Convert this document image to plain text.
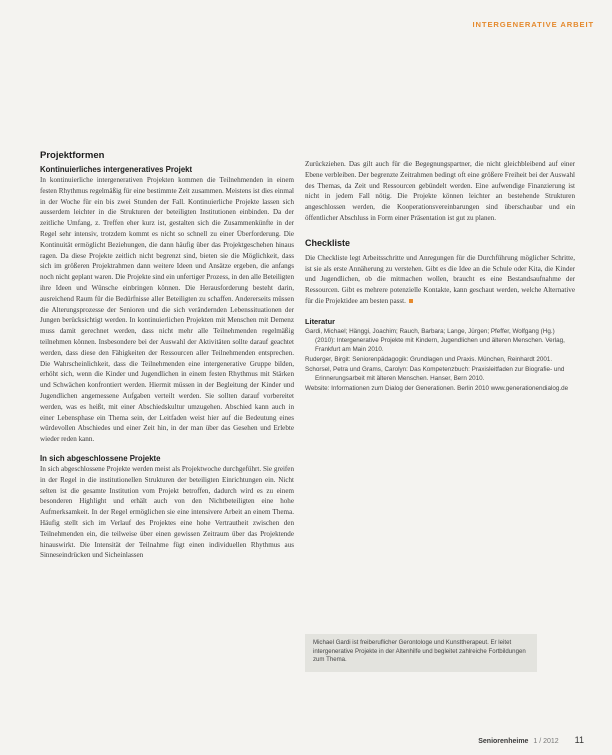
INTERGENERATIVE ARBEIT
Projektformen

Kontinuierliches intergeneratives Projekt

In kontinuierliche intergenerativen Projekten kommen die Teilnehmenden in einem festen Rhythmus regelmäßig für eine bestimmte Zeit zusammen. Meistens ist dies einmal in der Woche für ein bis zwei Stunden der Fall. Kontinuierliche Projekte lassen sich ausserdem leichter in die Strukturen der beteiligten Institutionen einbinden. Da der zeitliche Umfang, z. Treffen eher kurz ist, gestalten sich die Zusammenkünfte in der Regel sehr intensiv, trotzdem kommt es nicht so schnell zu einer Überforderung. Die Kontinuität ermöglicht Beziehungen, die dann häufig über das Projektgeschehen hinaus ragen. Da diese Projekte zeitlich nicht begrenzt sind, bieten sie die Möglichkeit, dass sich im größeren Projektrahmen dann weitere Ideen und Ansätze ergeben, die anfangs noch nicht geplant waren. Die Projekte sind ein unfertiger Prozess, in den alle Beteiligten ihre Ideen und Wünsche einbringen können. Die Herausforderung besteht darin, ausreichend Raum für die Bedürfnisse aller Beteiligten zu schaffen. Andererseits müssen die Alterungsprozesse der Senioren und die sich verändernden Lebenssituationen der Jungen berücksichtigt werden. In kontinuierlichen Projekten mit Menschen mit Demenz muss damit gerechnet werden, dass nicht mehr alle Teilnehmenden regelmäßig teilnehmen können. Insbesondere bei der Auswahl der Aktivitäten sollte darauf geachtet werden, dass diese den Fähigkeiten der Ressourcen aller Teilnehmenden entsprechen. Die Wahrscheinlichkeit, dass die Teilnehmenden eine intergenerative Gruppe bilden, erhöht sich, wenn die Kinder und Jugendlichen in einem festen Rhythmus mit Stärken und Schwächen konfrontiert werden. Hiermit müssen in der Begleitung der Kinder und Jugendlichen angemessene Aufgaben verteilt werden. Sie sollten darauf vorbereitet werden, was es heißt, mit einer Abschiedskultur umzugehen. Abschied kann auch in einer Lebensphase ein Thema sein, der Leitfaden weist hier auf die Bedeutung eines würdevollen Abschiedes und einer Zeit hin, in der man über das Gesehen und Erlebte wieder reden kann.

In sich abgeschlossene Projekte

In sich abgeschlossene Projekte werden meist als Projektwoche durchgeführt. Sie greifen in der Regel in die institutionellen Strukturen der beteiligten Einrichtungen ein. Nicht selten ist die gesamte Institution vom Projekt betroffen, dadurch wird es zu einem besonderen Highlight und erhält auch von den Nichtbeteiligten eine hohe Aufmerksamkeit. In der Regel ermöglichen sie eine intensivere Arbeit an einem Thema. Häufig stellt sich im Verlauf des Projektes eine hohe Vertrautheit zwischen den Teilnehmenden ein, die teilweise über einen gewissen Zeitraum über das Projektende hinauswirkt. Die Intensität der Teilnahme fügt einen individuellen Rhythmus aus Sinneseindrücken und Sicheinlassen

Zurückziehen. Das gilt auch für die Begegnungspartner, die nicht gleichbleibend auf einer Ebene verbleiben. Der begrenzte Zeitrahmen bedingt oft eine größere Freiheit bei der Auswahl des Themas, da Zeit und Ressourcen gebündelt werden. Eine aufwendige Finanzierung ist nicht in jedem Fall nötig. Die Projekte können leichter an bestehende Strukturen angeschlossen werden, die Kooperationsvereinbarungen sind überschaubar und ein öffentlicher Abschluss in Form einer Präsentation ist gut zu planen.

Checkliste

Die Checkliste legt Arbeitsschritte und Anregungen für die Durchführung möglicher Schritte, ist sie als erste Annäherung zu verstehen. Gibt es die Idee an die Schule oder Kita, die Kinder und Jugendlichen, ob die mitmachen wollen, braucht es eine Bestandsaufnahme der Ressourcen. Gibt es mehrere potenzielle Kontakte, kann geschaut werden, welche Alternative für die Projektidee am besten passt.

Literatur

Gardi, Michael; Hänggi, Joachim; Rauch, Barbara; Lange, Jürgen; Pfeffer, Wolfgang (Hg.) (2010): Intergenerative Projekte mit Kindern, Jugendlichen und älteren Menschen. Verlag, Frankfurt am Main 2010.

Ruderger, Birgit: Seniorenpädagogik: Grundlagen und Praxis. München, Reinhardt 2001.

Schorsel, Petra und Grams, Carolyn: Das Kompetenzbuch: Praxisleitfaden zur Biografie- und Erinnerungsarbeit mit älteren Menschen. Hanser, Bern 2010.

Website: Informationen zum Dialog der Generationen. Berlin 2010 www.generationendialog.de

Michael Gardi ist freiberuflicher Gerontologe und Kunsttherapeut. Er leitet intergenerative Projekte in der Altenhilfe und begleitet zahlreiche Fortbildungen zum Thema.

Seniorenheime 1 / 2012 11
